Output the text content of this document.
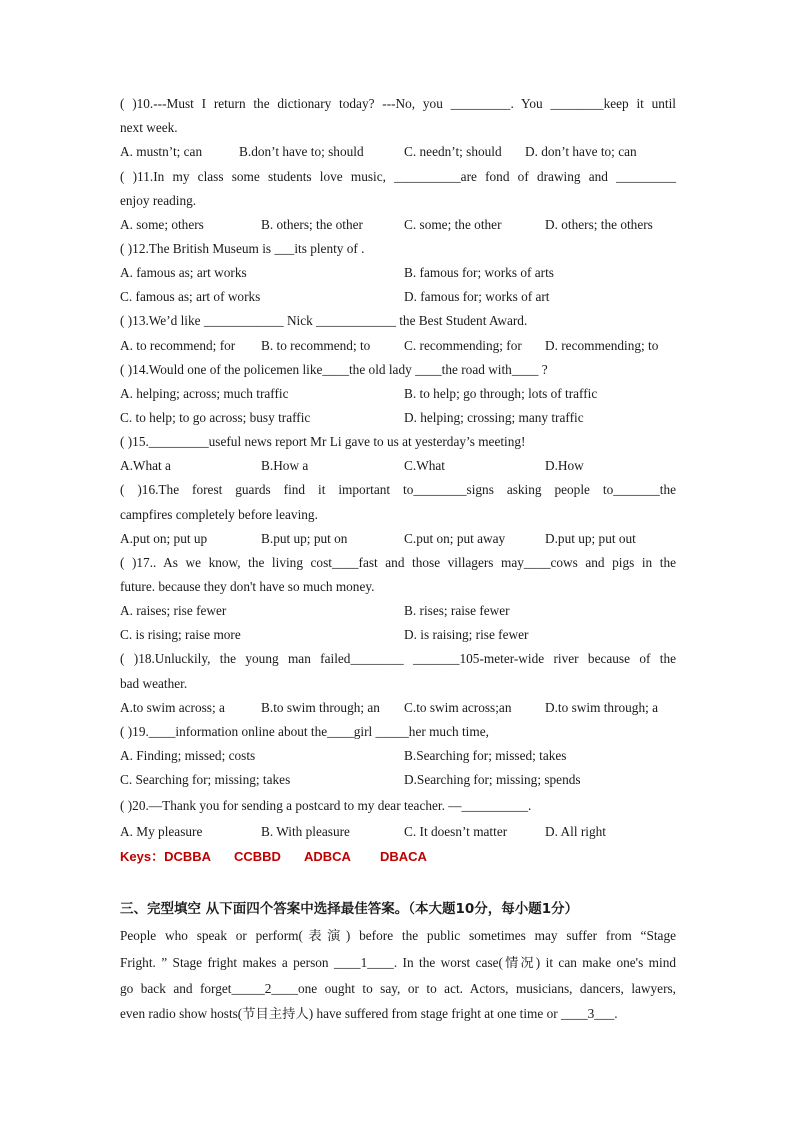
( )10.---Must I return the dictionary today? ---No, you _________. You ________keep it until
next week.
A. mustn’t; can	B.don’t have to; should	C. needn’t; should D. don’t have to; can
( )11.In my class some students love music, __________are fond of drawing and _________
enjoy reading.
A. some; others	B. others; the other	C. some; the other	D. others; the others
( )12.The British Museum is ___its plenty of .
A. famous as; art works	B. famous for; works of arts
C. famous as; art of works	D. famous for; works of art
( )13.We’d like ____________ Nick ____________ the Best Student Award.
A. to recommend; for B. to recommend; to	C. recommending; for D. recommending; to
( )14.Would one of the policemen like____the old lady ____the road with____ ?
A. helping; across; much traffic	B. to help; go through; lots of traffic
C. to help; to go across; busy traffic	D. helping; crossing; many traffic
( )15._________useful news report Mr Li gave to us at yesterday’s meeting!
A.What a	B.How a	C.What	D.How
( )16.The forest guards find it important to________signs asking people to_______the
campfires completely before leaving.
A.put on; put up	B.put up; put on	C.put on; put away	D.put up; put out
( )17.. As we know, the living cost____fast and those villagers may____cows and pigs in the
future. because they don't have so much money.
A. raises; rise fewer	B. rises; raise fewer
C. is rising; raise more	D. is raising; rise fewer
( )18.Unluckily, the young man failed________ _______105-meter-wide river because of the
bad weather.
A.to swim across; a	B.to swim through; an C.to swim across;an	D.to swim through; a
( )19.____information online about the____girl _____her much time,
A. Finding; missed; costs	B.Searching for; missed; takes
C. Searching for; missing; takes	D.Searching for; missing; spends
( )20.—Thank you for sending a postcard to my dear teacher. —__________.
A. My pleasure	B. With pleasure	C. It doesn’t matter	D. All right
Keys：DCBBA CCBBD ADBCA DBACA
三、完型填空 从下面四个答案中选择最佳答案。（本大题10分，每小题1分）
People who speak or perform(表演) before the public sometimes may suffer from “Stage
Fright. ” Stage fright makes a person ____1____. In the worst case(情况) it can make one's mind
go back and forget_____2____one ought to say, or to act. Actors, musicians, dancers, lawyers,
even radio show hosts(节目主持人) have suffered from stage fright at one time or ____3___.
